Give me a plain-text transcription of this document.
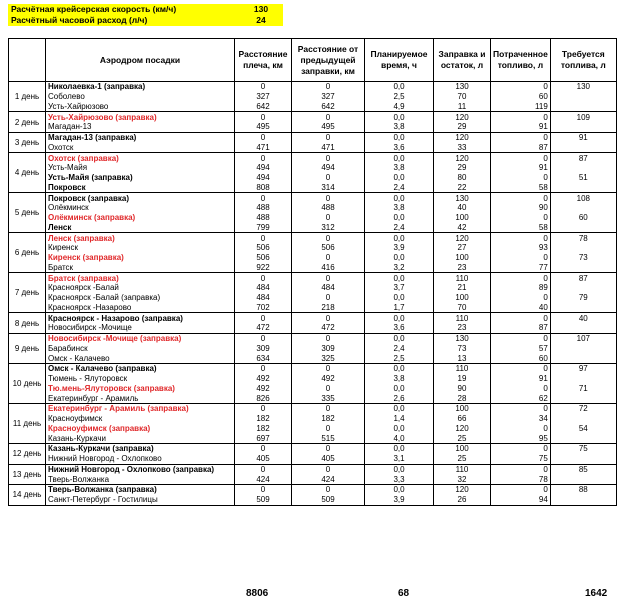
Расчётная крейсерская скорость (км/ч)	130
Расчётный часовой расход (л/ч)	24
	Аэродром посадки	Расстояние плеча, км	Расстояние от предыдущей заправки, км	Планируемое время, ч	Заправка и остаток, л	Потраченное топливо, л	Требуется топлива, л
1 день	Николаевка-1 (заправка)	0	0	0,0	130	0	130
	Соболево	327	327	2,5	70	60	
	Усть-Хайрюзово	642	642	4,9	11	119	
2 день	Усть-Хайрюзово (заправка)	0	0	0,0	120	0	109
	Магадан-13	495	495	3,8	29	91	
3 день	Магадан-13 (заправка)	0	0	0,0	120	0	91
	Охотск	471	471	3,6	33	87	
4 день	Охотск (заправка)	0	0	0,0	120	0	87
	Усть-Майя	494	494	3,8	29	91	
	Усть-Майя (заправка)	494	0	0,0	80	0	51
	Покровск	808	314	2,4	22	58	
5 день	Покровск (заправка)	0	0	0,0	130	0	108
	Олёкминск	488	488	3,8	40	90	
	Олёкминск (заправка)	488	0	0,0	100	0	60
	Ленск	799	312	2,4	42	58	
6 день	Ленск (заправка)	0	0	0,0	120	0	78
	Киренск	506	506	3,9	27	93	
	Киренск (заправка)	506	0	0,0	100	0	73
	Братск	922	416	3,2	23	77	
7 день	Братск (заправка)	0	0	0,0	110	0	87
	Красноярск -Балай	484	484	3,7	21	89	
	Красноярск -Балай (заправка)	484	0	0,0	100	0	79
	Красноярск -Назарово	702	218	1,7	70	40	
8 день	Красноярск - Назарово (заправка)	0	0	0,0	110	0	40
	Новосибирск -Мочище	472	472	3,6	23	87	
9 день	Новосибирск -Мочище (заправка)	0	0	0,0	130	0	107
	Барабинск	309	309	2,4	73	57	
	Омск - Калачево	634	325	2,5	13	60	
10 день	Омск - Калачево (заправка)	0	0	0,0	110	0	97
	Тюмень - Ялуторовск	492	492	3,8	19	91	
	Тю.мень-Ялуторовск (заправка)	492	0	0,0	90	0	71
	Екатеринбург - Арамиль	826	335	2,6	28	62	
11 день	Екатеринбург - Арамиль (заправка)	0	0	0,0	100	0	72
	Красноуфимск	182	182	1,4	66	34	
	Красноуфимск (заправка)	182	0	0,0	120	0	54
	Казань-Куркачи	697	515	4,0	25	95	
12 день	Казань-Куркачи (заправка)	0	0	0,0	100	0	75
	Нижний Новгород - Охлопково	405	405	3,1	25	75	
13 день	Нижний Новгород - Охлопково (заправка)	0	0	0,0	110	0	85
	Тверь-Волжанка	424	424	3,3	32	78	
14 день	Тверь-Волжанка (заправка)	0	0	0,0	120	0	88
	Санкт-Петербург - Гостилицы	509	509	3,9	26	94	
8806	68	1642
